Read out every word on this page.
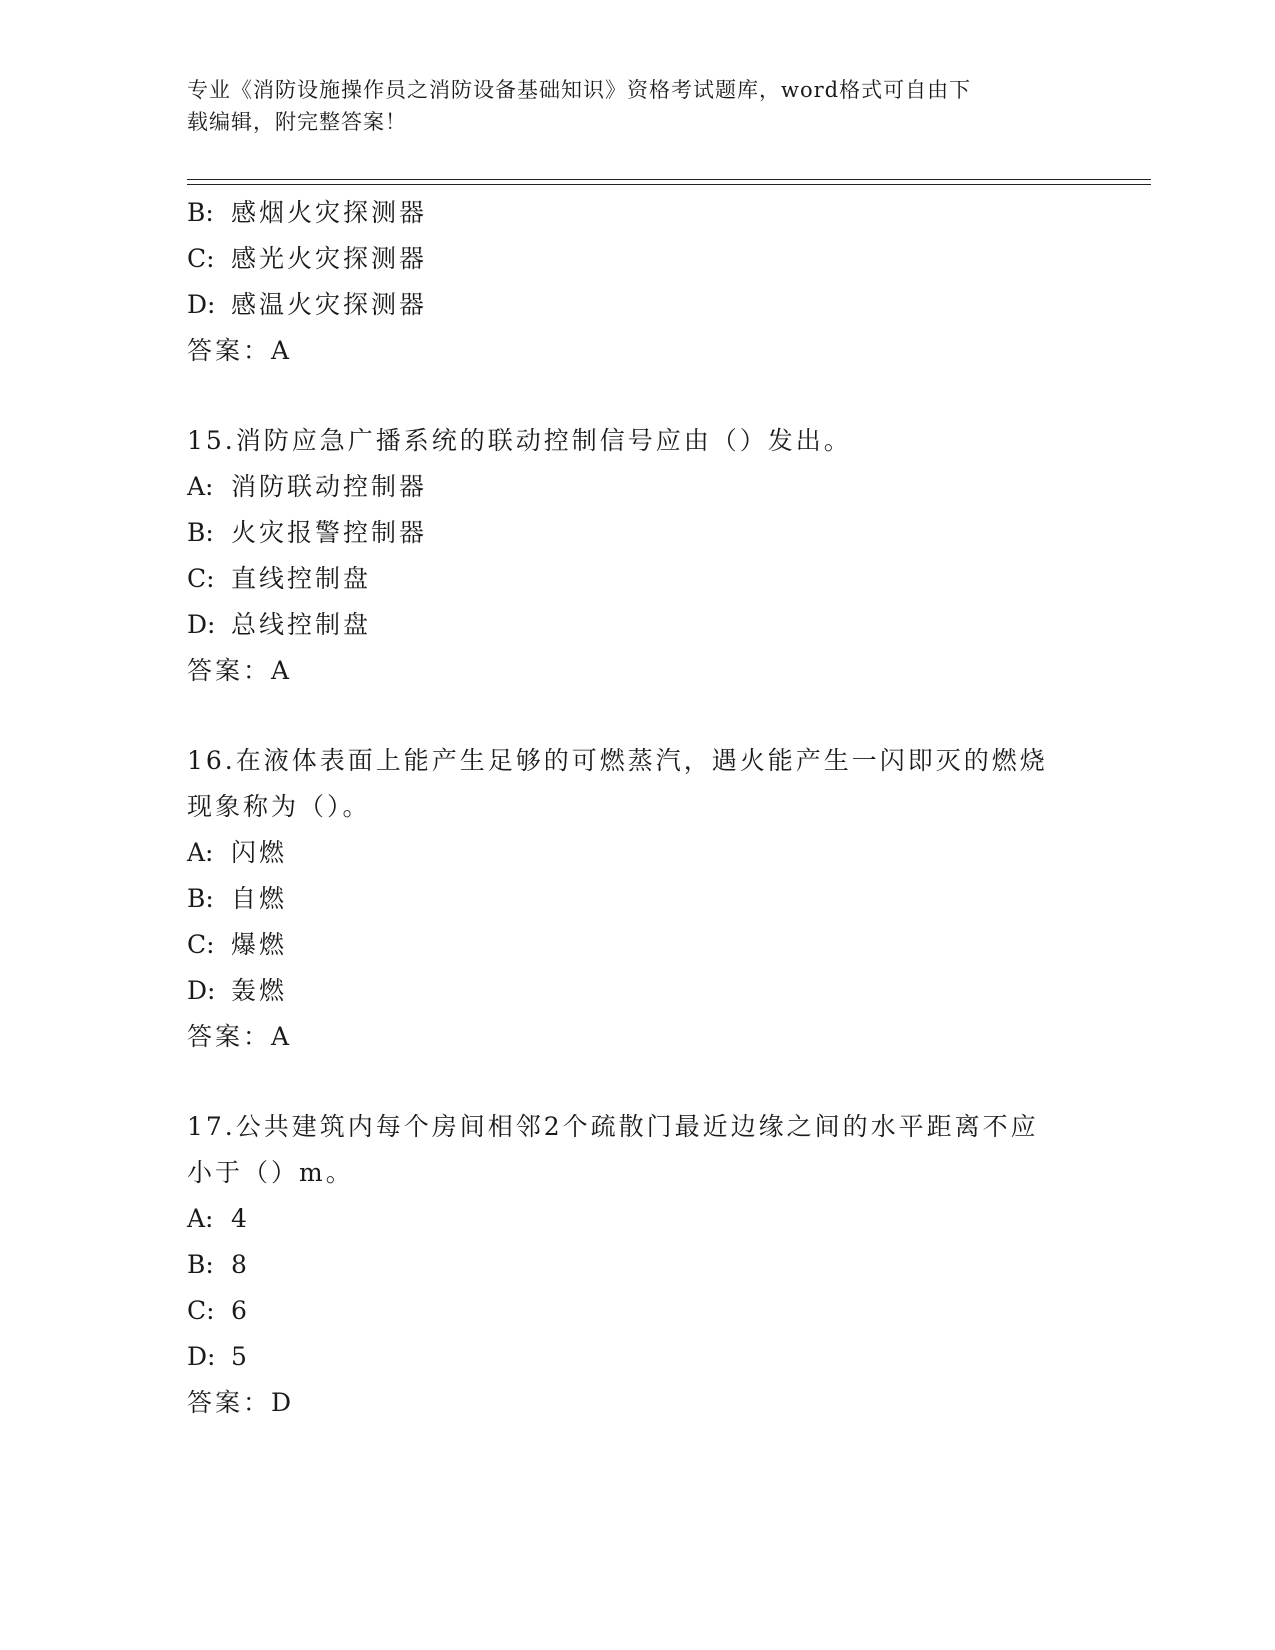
专业《消防设施操作员之消防设备基础知识》资格考试题库，word格式可自由下
载编辑，附完整答案！
B: 感烟火灾探测器
C: 感光火灾探测器
D: 感温火灾探测器
答案：A
15.消防应急广播系统的联动控制信号应由（）发出。
A: 消防联动控制器
B: 火灾报警控制器
C: 直线控制盘
D: 总线控制盘
答案：A
16.在液体表面上能产生足够的可燃蒸汽，遇火能产生一闪即灭的燃烧
现象称为（）。
A: 闪燃
B: 自燃
C: 爆燃
D: 轰燃
答案：A
17.公共建筑内每个房间相邻2个疏散门最近边缘之间的水平距离不应
小于（）m。
A: 4
B: 8
C: 6
D: 5
答案：D
